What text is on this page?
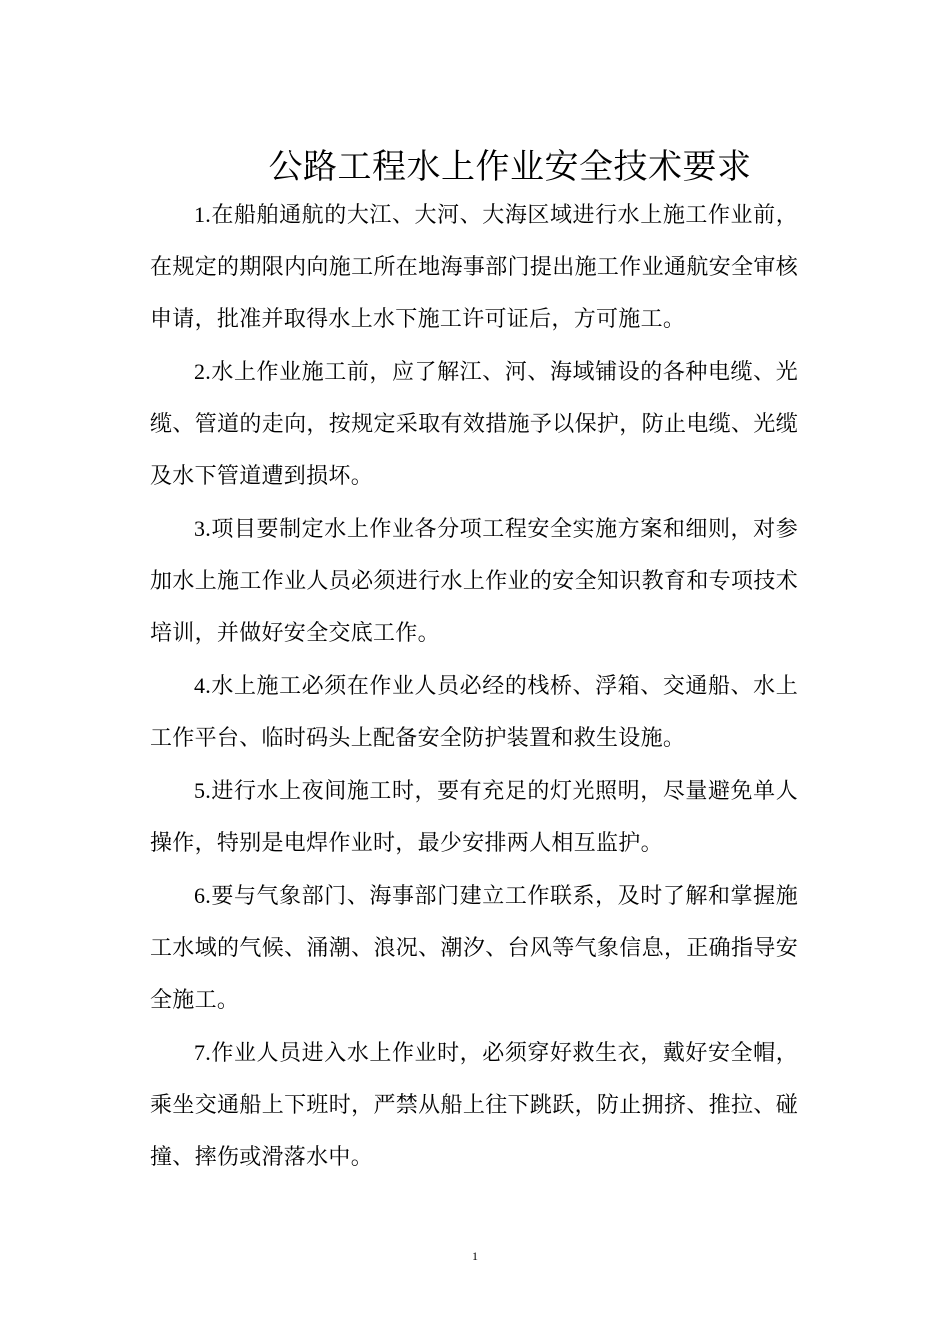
公路工程水上作业安全技术要求

1.在船舶通航的大江、大河、大海区域进行水上施工作业前，在规定的期限内向施工所在地海事部门提出施工作业通航安全审核申请，批准并取得水上水下施工许可证后，方可施工。

2.水上作业施工前，应了解江、河、海域铺设的各种电缆、光缆、管道的走向，按规定采取有效措施予以保护，防止电缆、光缆及水下管道遭到损坏。

3.项目要制定水上作业各分项工程安全实施方案和细则，对参加水上施工作业人员必须进行水上作业的安全知识教育和专项技术培训，并做好安全交底工作。

4.水上施工必须在作业人员必经的栈桥、浮箱、交通船、水上工作平台、临时码头上配备安全防护装置和救生设施。

5.进行水上夜间施工时，要有充足的灯光照明，尽量避免单人操作，特别是电焊作业时，最少安排两人相互监护。

6.要与气象部门、海事部门建立工作联系，及时了解和掌握施工水域的气候、涌潮、浪况、潮汐、台风等气象信息，正确指导安全施工。

7.作业人员进入水上作业时，必须穿好救生衣，戴好安全帽，乘坐交通船上下班时，严禁从船上往下跳跃，防止拥挤、推拉、碰撞、摔伤或滑落水中。

1
